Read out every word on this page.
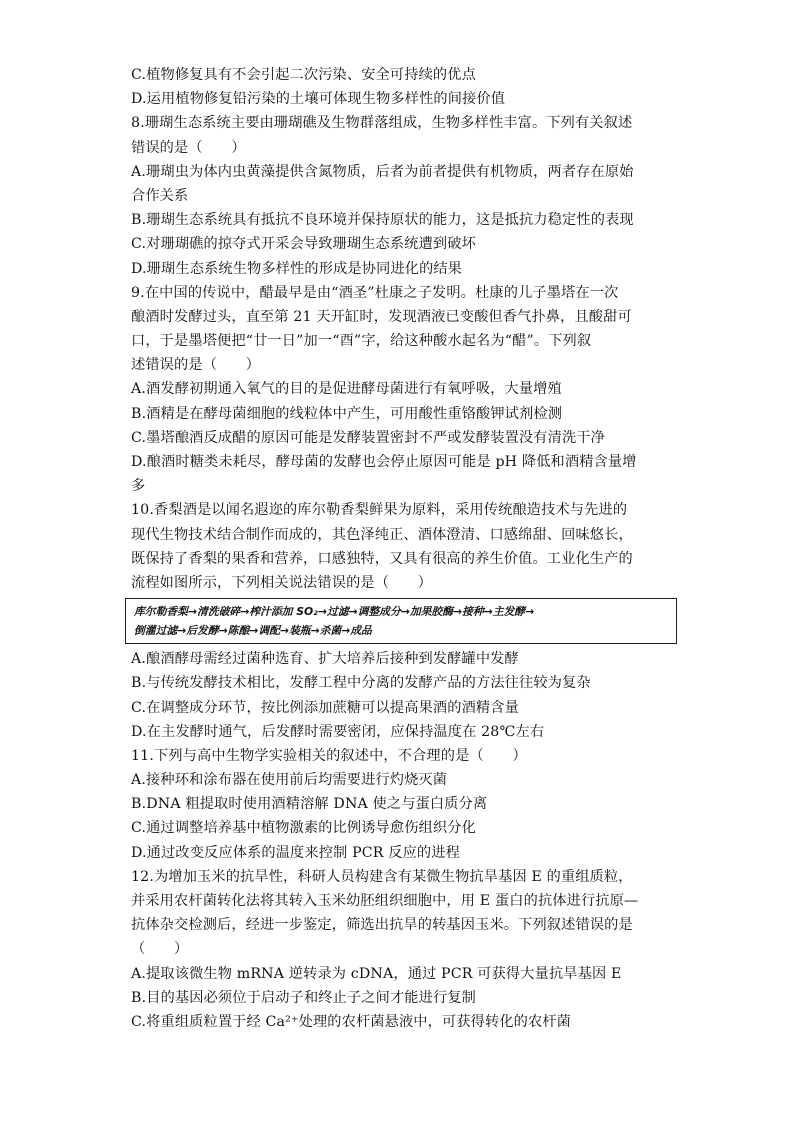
C.植物修复具有不会引起二次污染、安全可持续的优点
D.运用植物修复铅污染的土壤可体现生物多样性的间接价值
8.珊瑚生态系统主要由珊瑚礁及生物群落组成，生物多样性丰富。下列有关叙述
错误的是（　　）
A.珊瑚虫为体内虫黄藻提供含氮物质，后者为前者提供有机物质，两者存在原始
合作关系
B.珊瑚生态系统具有抵抗不良环境并保持原状的能力，这是抵抗力稳定性的表现
C.对珊瑚礁的掠夺式开采会导致珊瑚生态系统遭到破坏
D.珊瑚生态系统生物多样性的形成是协同进化的结果
9.在中国的传说中，醋最早是由“酒圣”杜康之子发明。杜康的儿子墨塔在一次
酿酒时发酵过头，直至第 21 天开缸时，发现酒液已变酸但香气扑鼻，且酸甜可
口，于是墨塔便把“廿一日”加一“酉”字，给这种酸水起名为“醋”。下列叙
述错误的是（　　）
A.酒发酵初期通入氧气的目的是促进酵母菌进行有氧呼吸，大量增殖
B.酒精是在酵母菌细胞的线粒体中产生，可用酸性重铬酸钾试剂检测
C.墨塔酿酒反成醋的原因可能是发酵装置密封不严或发酵装置没有清洗干净
D.酿酒时糖类未耗尽，酵母菌的发酵也会停止原因可能是 pH 降低和酒精含量增
多
10.香梨酒是以闻名遐迩的库尔勒香梨鲜果为原料，采用传统酿造技术与先进的
现代生物技术结合制作而成的，其色泽纯正、酒体澄清、口感绵甜、回味悠长，
既保持了香梨的果香和营养，口感独特，又具有很高的养生价值。工业化生产的
流程如图所示，下列相关说法错误的是（　　）
库尔勒香梨→清洗破碎→榨汁添加 SO₂→过滤→调整成分→加果胶酶→接种→主发酵→
倒灌过滤→后发酵→陈酿→调配→装瓶→杀菌→成品
A.酿酒酵母需经过菌种选育、扩大培养后接种到发酵罐中发酵
B.与传统发酵技术相比，发酵工程中分离的发酵产品的方法往往较为复杂
C.在调整成分环节，按比例添加蔗糖可以提高果酒的酒精含量
D.在主发酵时通气，后发酵时需要密闭，应保持温度在 28℃左右
11.下列与高中生物学实验相关的叙述中，不合理的是（　　）
A.接种环和涂布器在使用前后均需要进行灼烧灭菌
B.DNA 粗提取时使用酒精溶解 DNA 使之与蛋白质分离
C.通过调整培养基中植物激素的比例诱导愈伤组织分化
D.通过改变反应体系的温度来控制 PCR 反应的进程
12.为增加玉米的抗旱性，科研人员构建含有某微生物抗旱基因 E 的重组质粒，
并采用农杆菌转化法将其转入玉米幼胚组织细胞中，用 E 蛋白的抗体进行抗原—
抗体杂交检测后，经进一步鉴定，筛选出抗旱的转基因玉米。下列叙述错误的是
（　　）
A.提取该微生物 mRNA 逆转录为 cDNA，通过 PCR 可获得大量抗旱基因 E
B.目的基因必须位于启动子和终止子之间才能进行复制
C.将重组质粒置于经 Ca²⁺处理的农杆菌悬液中，可获得转化的农杆菌
